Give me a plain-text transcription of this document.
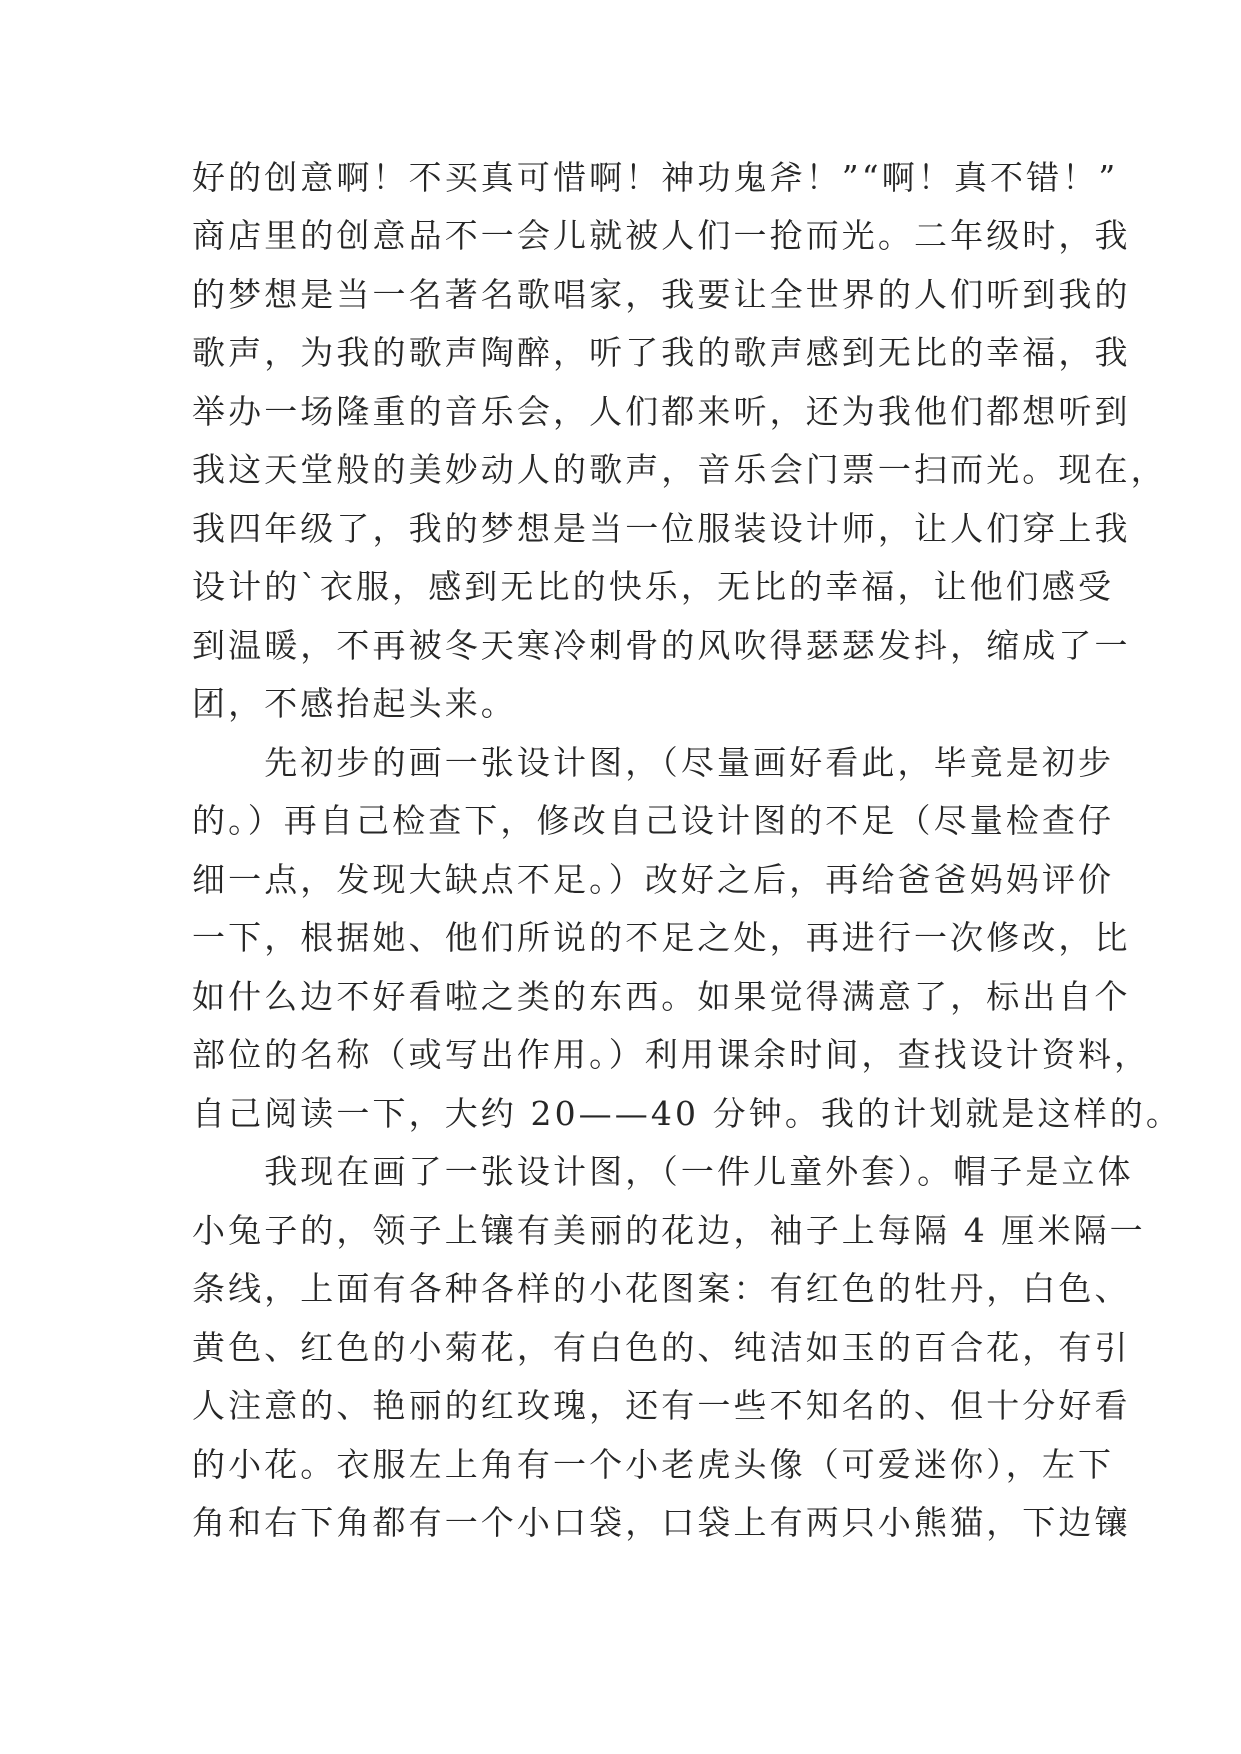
好的创意啊！不买真可惜啊！神功鬼斧！”“啊！真不错！”
商店里的创意品不一会儿就被人们一抢而光。二年级时，我
的梦想是当一名著名歌唱家，我要让全世界的人们听到我的
歌声，为我的歌声陶醉，听了我的歌声感到无比的幸福，我
举办一场隆重的音乐会，人们都来听，还为我他们都想听到
我这天堂般的美妙动人的歌声，音乐会门票一扫而光。现在，
我四年级了，我的梦想是当一位服装设计师，让人们穿上我
设计的`衣服，感到无比的快乐，无比的幸福，让他们感受
到温暖，不再被冬天寒冷刺骨的风吹得瑟瑟发抖，缩成了一
团，不感抬起头来。
　　先初步的画一张设计图，（尽量画好看此，毕竟是初步
的。）再自己检查下，修改自己设计图的不足（尽量检查仔
细一点，发现大缺点不足。）改好之后，再给爸爸妈妈评价
一下，根据她、他们所说的不足之处，再进行一次修改，比
如什么边不好看啦之类的东西。如果觉得满意了，标出自个
部位的名称（或写出作用。）利用课余时间，查找设计资料，
自己阅读一下，大约 20——40 分钟。我的计划就是这样的。
　　我现在画了一张设计图，（一件儿童外套）。帽子是立体
小兔子的，领子上镶有美丽的花边，袖子上每隔 4 厘米隔一
条线，上面有各种各样的小花图案：有红色的牡丹，白色、
黄色、红色的小菊花，有白色的、纯洁如玉的百合花，有引
人注意的、艳丽的红玫瑰，还有一些不知名的、但十分好看
的小花。衣服左上角有一个小老虎头像（可爱迷你），左下
角和右下角都有一个小口袋，口袋上有两只小熊猫，下边镶
